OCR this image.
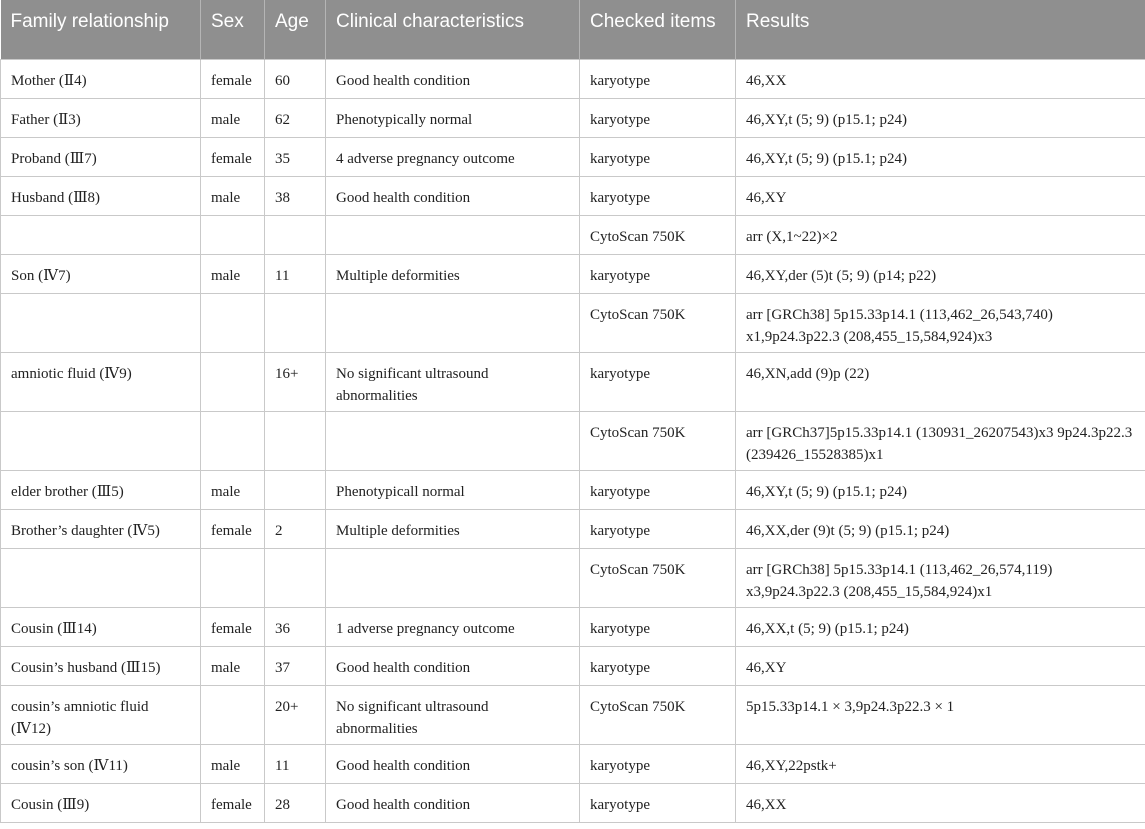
Family relationship	Sex	Age	Clinical characteristics	Checked items	Results
Mother (Ⅱ4)	female	60	Good health condition	karyotype	46,XX
Father (Ⅱ3)	male	62	Phenotypically normal	karyotype	46,XY,t (5; 9) (p15.1; p24)
Proband (Ⅲ7)	female	35	4 adverse pregnancy outcome	karyotype	46,XY,t (5; 9) (p15.1; p24)
Husband (Ⅲ8)	male	38	Good health condition	karyotype	46,XY
				CytoScan 750K	arr (X,1~22)×2
Son (Ⅳ7)	male	11	Multiple deformities	karyotype	46,XY,der (5)t (5; 9) (p14; p22)
				CytoScan 750K	arr [GRCh38] 5p15.33p14.1 (113,462_26,543,740) x1,9p24.3p22.3 (208,455_15,584,924)x3
amniotic fluid (Ⅳ9)		16+	No significant ultrasound abnormalities	karyotype	46,XN,add (9)p (22)
				CytoScan 750K	arr [GRCh37]5p15.33p14.1 (130931_26207543)x3 9p24.3p22.3 (239426_15528385)x1
elder brother (Ⅲ5)	male		Phenotypicall normal	karyotype	46,XY,t (5; 9) (p15.1; p24)
Brother’s daughter (Ⅳ5)	female	2	Multiple deformities	karyotype	46,XX,der (9)t (5; 9) (p15.1; p24)
				CytoScan 750K	arr [GRCh38] 5p15.33p14.1 (113,462_26,574,119) x3,9p24.3p22.3 (208,455_15,584,924)x1
Cousin (Ⅲ14)	female	36	1 adverse pregnancy outcome	karyotype	46,XX,t (5; 9) (p15.1; p24)
Cousin’s husband (Ⅲ15)	male	37	Good health condition	karyotype	46,XY
cousin’s amniotic fluid (Ⅳ12)		20+	No significant ultrasound abnormalities	CytoScan 750K	5p15.33p14.1 × 3,9p24.3p22.3 × 1
cousin’s son (Ⅳ11)	male	11	Good health condition	karyotype	46,XY,22pstk+
Cousin (Ⅲ9)	female	28	Good health condition	karyotype	46,XX
